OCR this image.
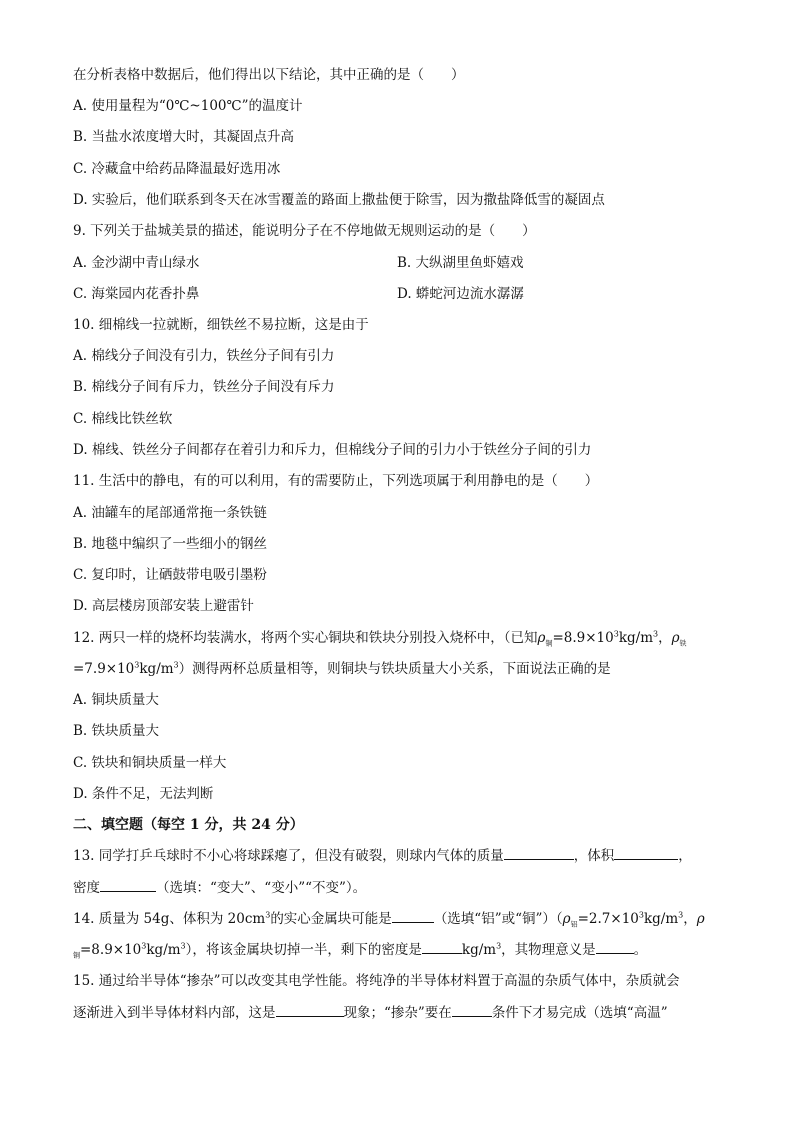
在分析表格中数据后，他们得出以下结论，其中正确的是（　　）
A. 使用量程为“0℃~100℃”的温度计
B. 当盐水浓度增大时，其凝固点升高
C. 冷藏盒中给药品降温最好选用冰
D. 实验后，他们联系到冬天在冰雪覆盖的路面上撒盐便于除雪，因为撒盐降低雪的凝固点
9. 下列关于盐城美景的描述，能说明分子在不停地做无规则运动的是（　　）
A. 金沙湖中青山绿水	B. 大纵湖里鱼虾嬉戏
C. 海棠园内花香扑鼻	D. 蟒蛇河边流水潺潺
10. 细棉线一拉就断，细铁丝不易拉断，这是由于
A. 棉线分子间没有引力，铁丝分子间有引力
B. 棉线分子间有斥力，铁丝分子间没有斥力
C. 棉线比铁丝软
D. 棉线、铁丝分子间都存在着引力和斥力，但棉线分子间的引力小于铁丝分子间的引力
11. 生活中的静电，有的可以利用，有的需要防止，下列选项属于利用静电的是（　　）
A. 油罐车的尾部通常拖一条铁链
B. 地毯中编织了一些细小的钢丝
C. 复印时，让硒鼓带电吸引墨粉
D. 高层楼房顶部安装上避雷针
12. 两只一样的烧杯均装满水，将两个实心铜块和铁块分别投入烧杯中，（已知$\rho_铜=8.9\times 10^3kg/m^3$，$\rho_铁$
$=7.9\times 10^3kg/m^3$）测得两杯总质量相等，则铜块与铁块质量大小关系，下面说法正确的是
A. 铜块质量大
B. 铁块质量大
C. 铁块和铜块质量一样大
D. 条件不足，无法判断
二、填空题（每空 1 分，共 24 分）
13. 同学打乒乓球时不小心将球踩瘪了，但没有破裂，则球内气体的质量	，体积	，
密度	（选填：“变大”、“变小”“不变”）。
14. 质量为 54g、体积为 $20cm^3$的实心金属块可能是	（选填“铝”或“铜$”)(\rho_铝=2.7\times 10^3kg/m^3$，ρ
$_铜=8.9\times 10^3kg/m^3$），将该金属块切掉一半，剩下的密度是	$kg/m^3$，其物理意义是	。
15. 通过给半导体“掺杂”可以改变其电学性能。将纯净的半导体材料置于高温的杂质气体中，杂质就会
逐渐进入到半导体材料内部，这是	现象；“掺杂”要在	条件下才易完成（选填“高温”
